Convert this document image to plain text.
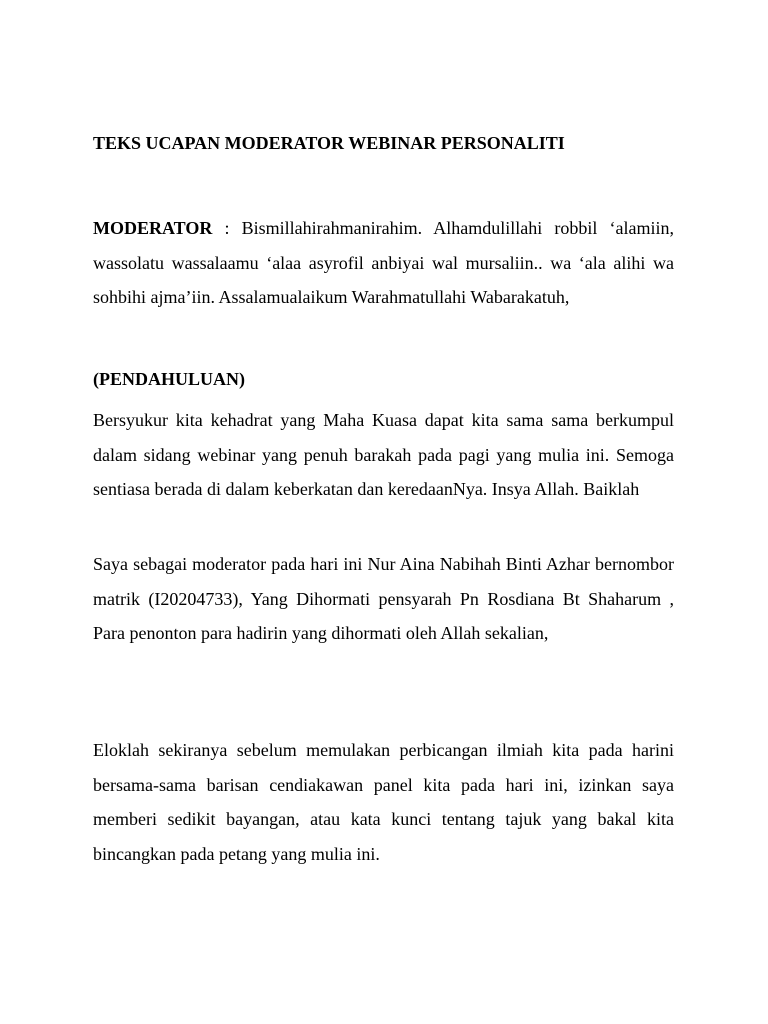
TEKS UCAPAN MODERATOR WEBINAR PERSONALITI

MODERATOR : Bismillahirahmanirahim. Alhamdulillahi robbil ‘alamiin, wassolatu wassalaamu ‘alaa asyrofil anbiyai wal mursaliin.. wa ‘ala alihi wa sohbihi ajma’iin. Assalamualaikum Warahmatullahi Wabarakatuh,

(PENDAHULUAN)

Bersyukur kita kehadrat yang Maha Kuasa dapat kita sama sama berkumpul dalam sidang webinar yang penuh barakah pada pagi yang mulia ini. Semoga sentiasa berada di dalam keberkatan dan keredaanNya. Insya Allah. Baiklah

Saya sebagai moderator pada hari ini Nur Aina Nabihah Binti Azhar bernombor matrik (I20204733), Yang Dihormati pensyarah Pn Rosdiana Bt Shaharum , Para penonton para hadirin yang dihormati oleh Allah sekalian,

Eloklah sekiranya sebelum memulakan perbicangan ilmiah kita pada harini bersama-sama barisan cendiakawan panel kita pada hari ini, izinkan saya memberi sedikit bayangan, atau kata kunci tentang tajuk yang bakal kita bincangkan pada petang yang mulia ini.
